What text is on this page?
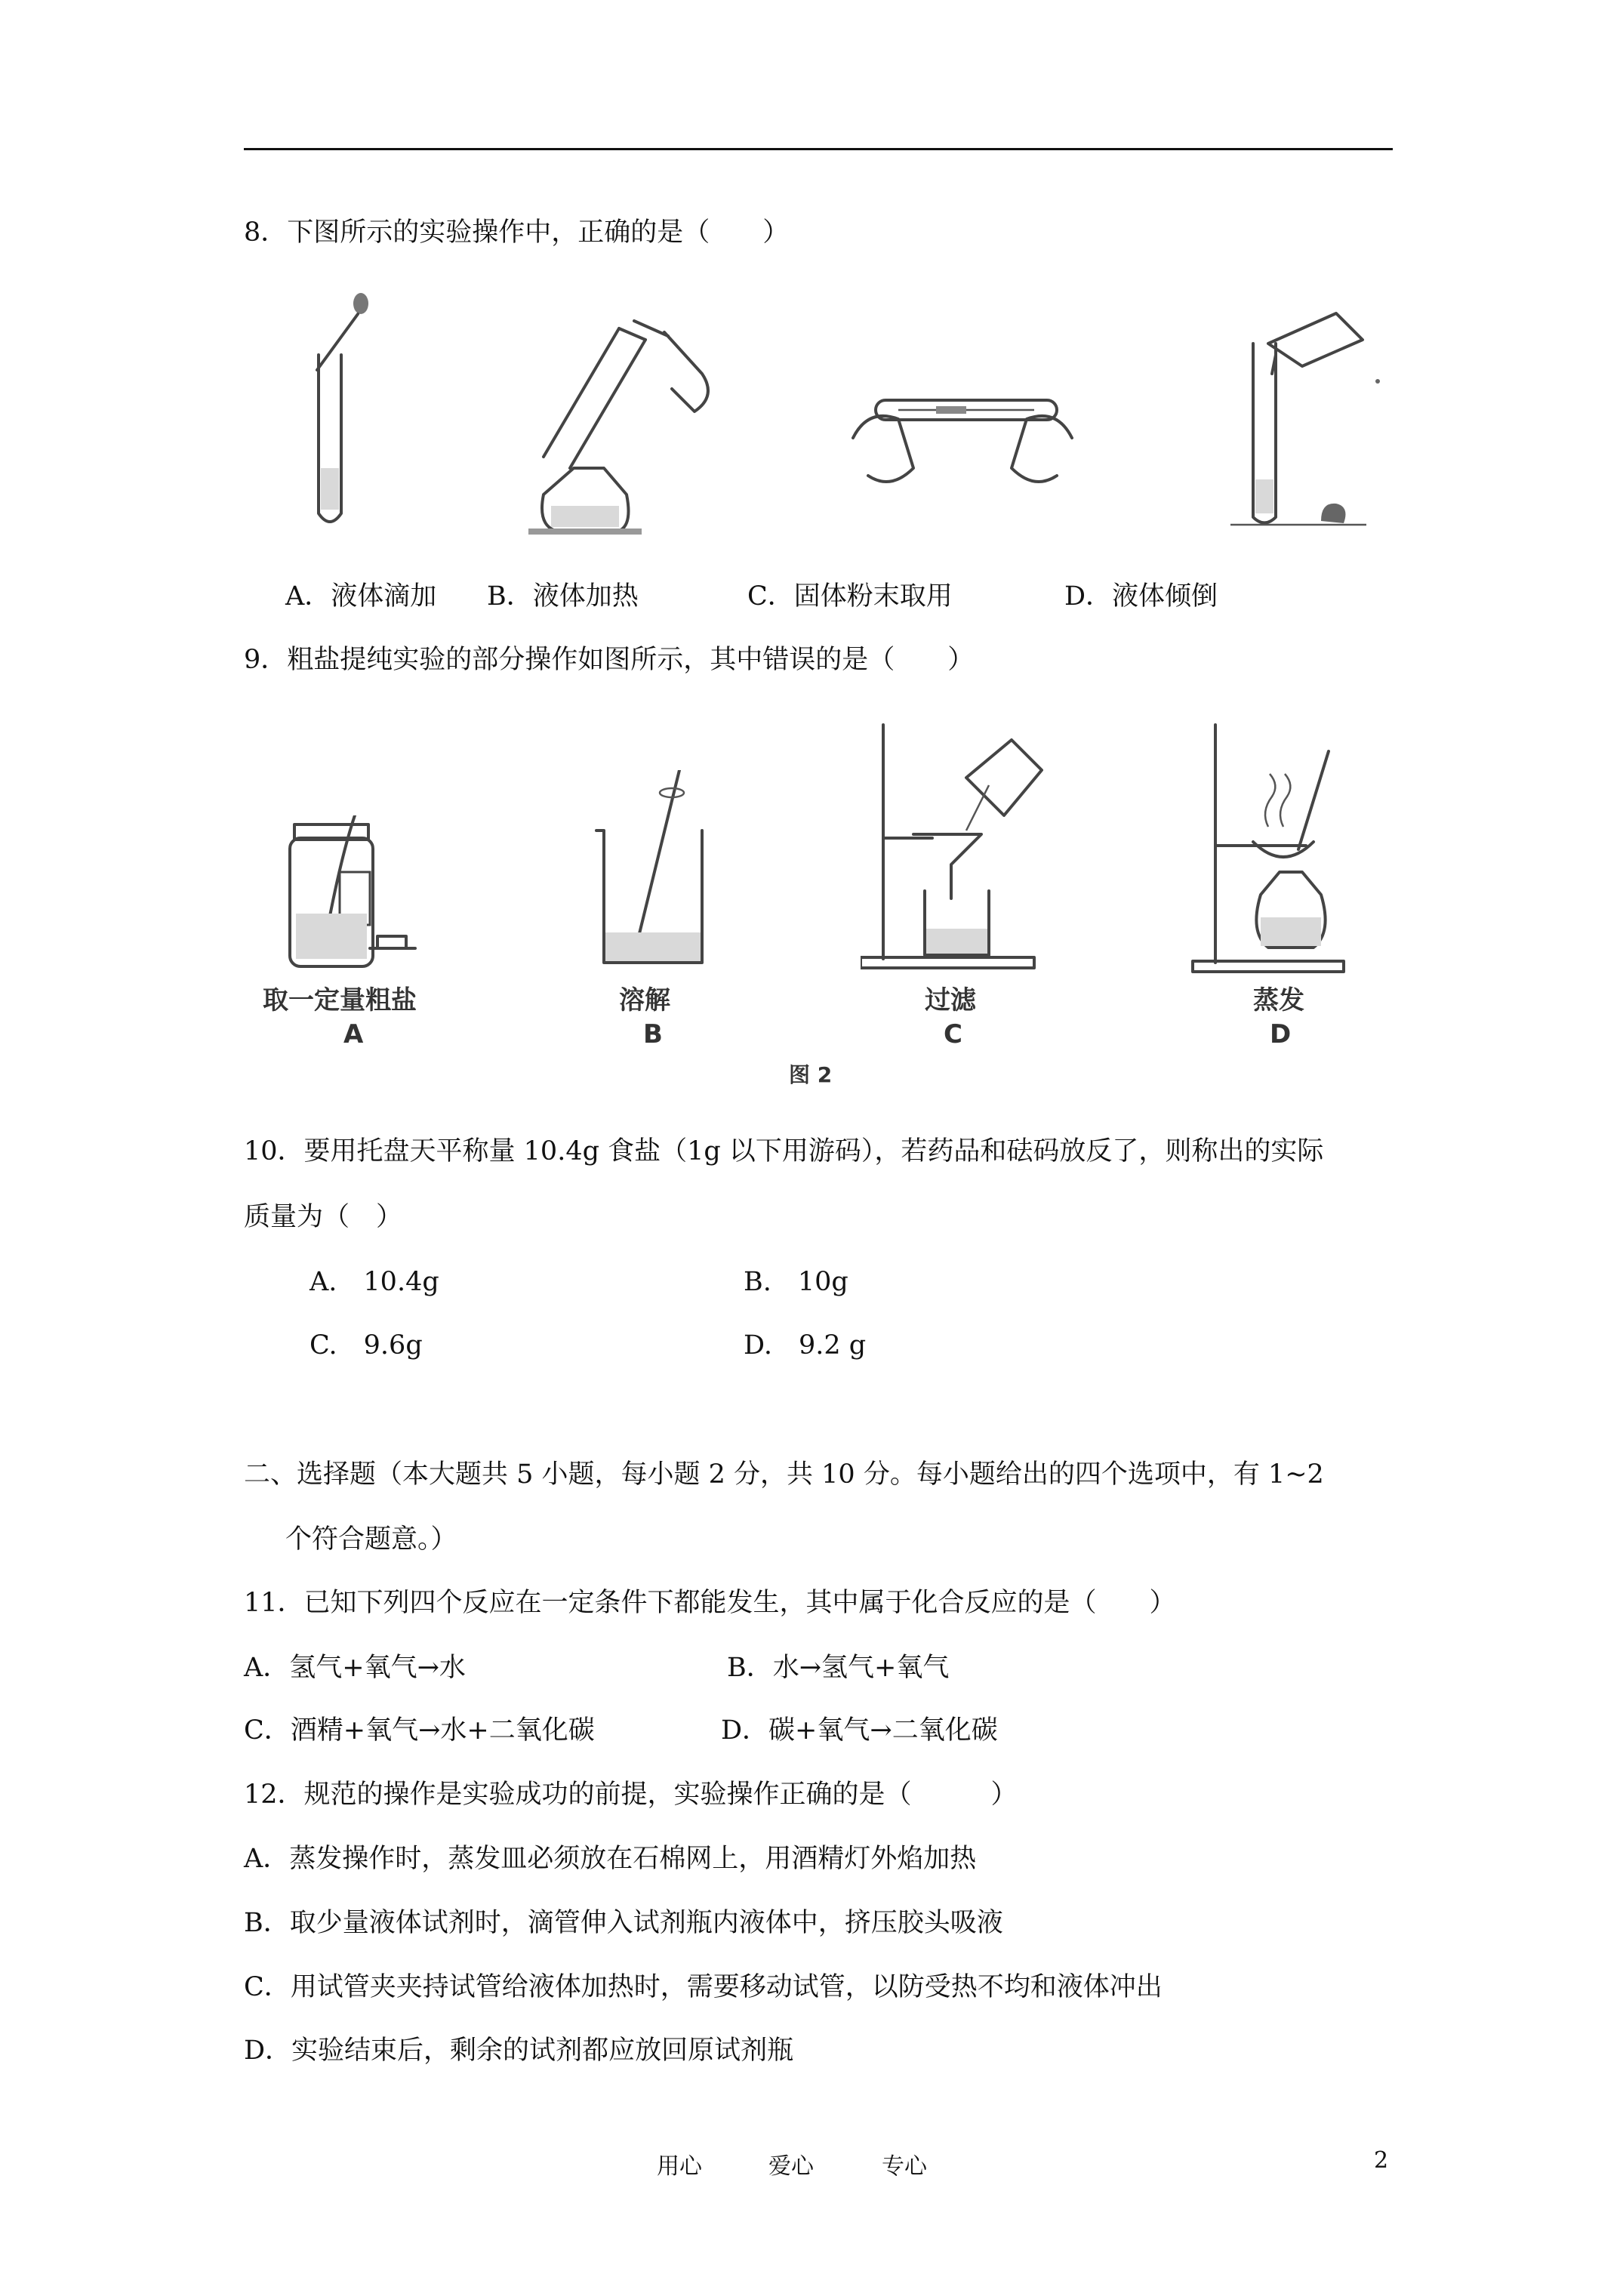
8．下图所示的实验操作中，正确的是（　　）
A．液体滴加 B．液体加热	C．固体粉末取用	D．液体倾倒
9．粗盐提纯实验的部分操作如图所示，其中错误的是（　　）
取一定量粗盐	溶解	过滤	蒸发
A	B	C	D
图 2
10．要用托盘天平称量 10.4g 食盐（1g 以下用游码），若药品和砝码放反了，则称出的实际
质量为（　）
A.　10.4g	B.　10g
C.　9.6g	D.　9.2 g
二、选择题（本大题共 5 小题，每小题 2 分，共 10 分。每小题给出的四个选项中，有 1~2
个符合题意。）
11．已知下列四个反应在一定条件下都能发生，其中属于化合反应的是（　　）
A．氢气+氧气→水	B．水→氢气+氧气
C．酒精+氧气→水+二氧化碳	D．碳+氧气→二氧化碳
12．规范的操作是实验成功的前提，实验操作正确的是（　　　）
A．蒸发操作时，蒸发皿必须放在石棉网上，用酒精灯外焰加热
B．取少量液体试剂时，滴管伸入试剂瓶内液体中，挤压胶头吸液
C．用试管夹夹持试管给液体加热时，需要移动试管，以防受热不均和液体冲出
D．实验结束后，剩余的试剂都应放回原试剂瓶
用心	爱心	专心	2
